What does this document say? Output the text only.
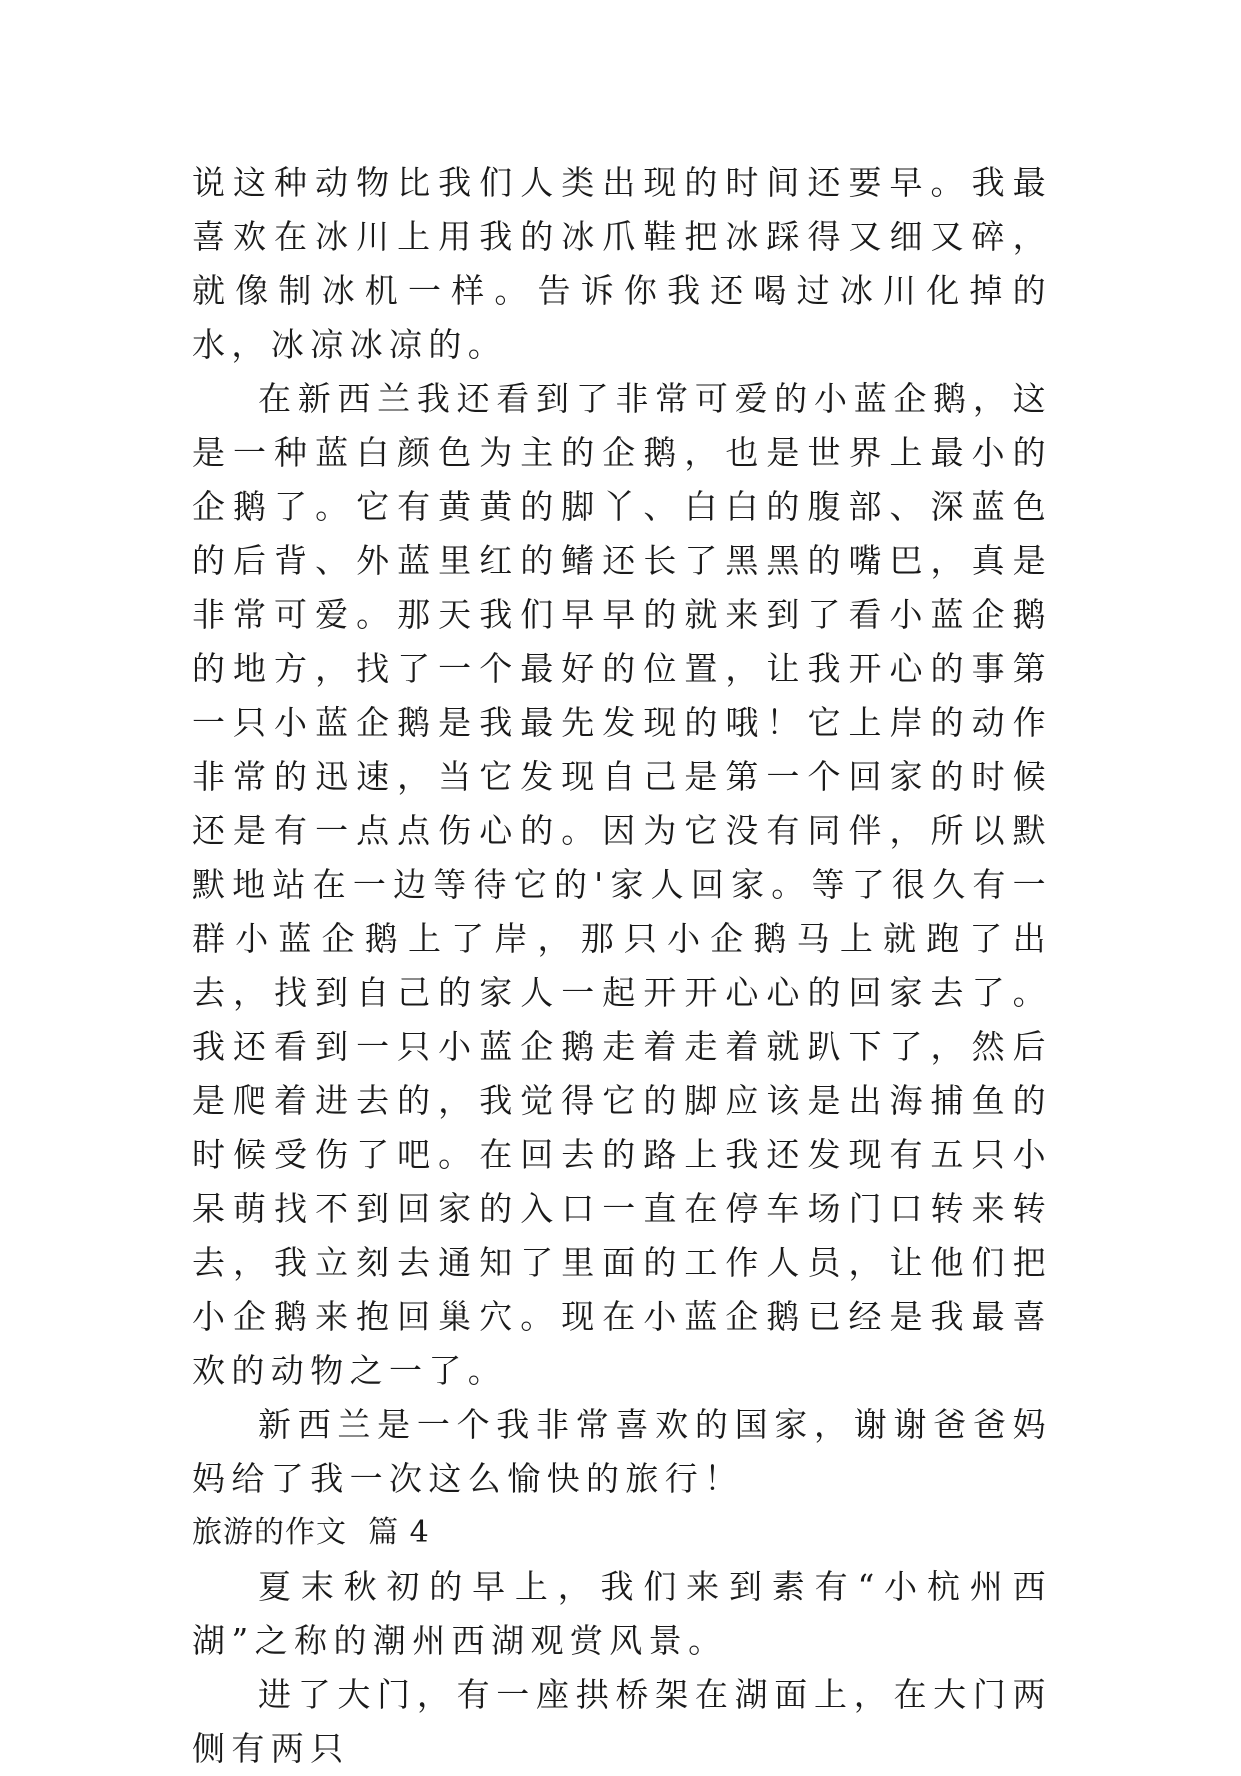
说这种动物比我们人类出现的时间还要早。我最喜欢在冰川上用我的冰爪鞋把冰踩得又细又碎，就像制冰机一样。告诉你我还喝过冰川化掉的水，冰凉冰凉的。

在新西兰我还看到了非常可爱的小蓝企鹅，这是一种蓝白颜色为主的企鹅，也是世界上最小的企鹅了。它有黄黄的脚丫、白白的腹部、深蓝色的后背、外蓝里红的鳍还长了黑黑的嘴巴，真是非常可爱。那天我们早早的就来到了看小蓝企鹅的地方，找了一个最好的位置，让我开心的事第一只小蓝企鹅是我最先发现的哦！它上岸的动作非常的迅速，当它发现自己是第一个回家的时候还是有一点点伤心的。因为它没有同伴，所以默默地站在一边等待它的'家人回家。等了很久有一群小蓝企鹅上了岸，那只小企鹅马上就跑了出去，找到自己的家人一起开开心心的回家去了。我还看到一只小蓝企鹅走着走着就趴下了，然后是爬着进去的，我觉得它的脚应该是出海捕鱼的时候受伤了吧。在回去的路上我还发现有五只小呆萌找不到回家的入口一直在停车场门口转来转去，我立刻去通知了里面的工作人员，让他们把小企鹅来抱回巢穴。现在小蓝企鹅已经是我最喜欢的动物之一了。

新西兰是一个我非常喜欢的国家，谢谢爸爸妈妈给了我一次这么愉快的旅行！

旅游的作文  篇 4

夏末秋初的早上，我们来到素有“小杭州西湖”之称的潮州西湖观赏风景。

进了大门，有一座拱桥架在湖面上，在大门两侧有两只
